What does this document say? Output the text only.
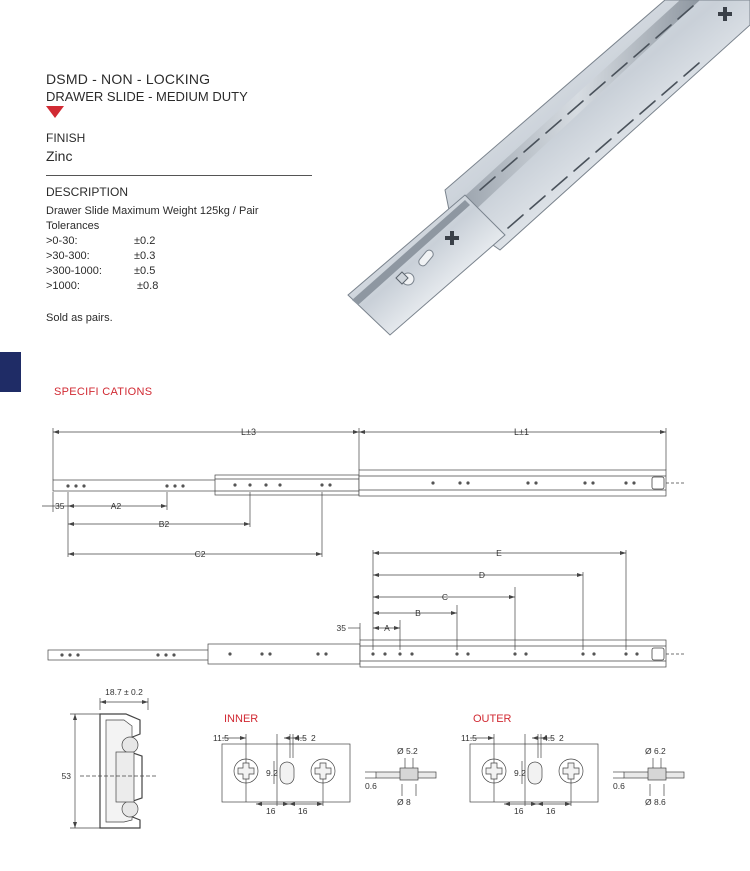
DSMD - NON - LOCKING
DRAWER SLIDE - MEDIUM DUTY
FINISH
Zinc
DESCRIPTION
Drawer Slide Maximum Weight 125kg / Pair
Tolerances
>0-30:	±0.2
>30-300:	±0.3
>300-1000:	±0.5
>1000:	±0.8
Sold as pairs.
SPECIFI CATIONS
L±3	L±1
35	A2
B2
C2	E
D
C
B
A
35
18.7 ± 0.2
53
INNER
11.5	4.5 2
9.2
16	16
Ø 5.2
0.6
Ø 8
OUTER
11.5	4.5 2
9.2
16	16
Ø 6.2
0.6
Ø 8.6
